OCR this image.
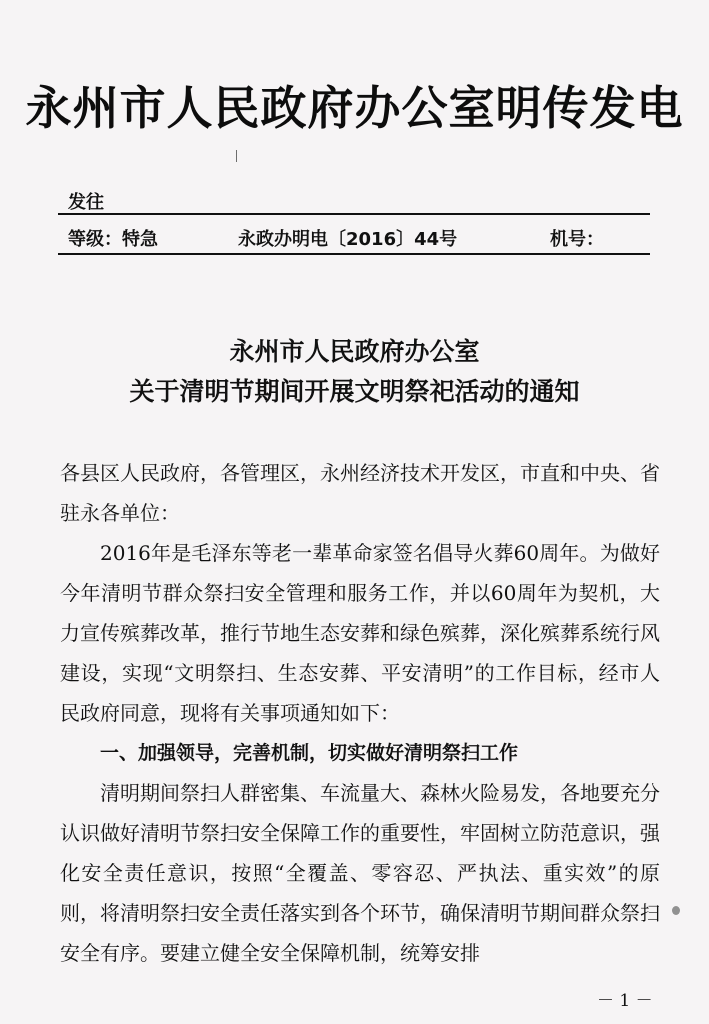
永州市人民政府办公室明传发电
发往
等级：特急	永政办明电〔2016〕44号	机号：
永州市人民政府办公室
关于清明节期间开展文明祭祀活动的通知

各县区人民政府，各管理区，永州经济技术开发区，市直和中央、省驻永各单位：

2016年是毛泽东等老一辈革命家签名倡导火葬60周年。为做好今年清明节群众祭扫安全管理和服务工作，并以60周年为契机，大力宣传殡葬改革，推行节地生态安葬和绿色殡葬，深化殡葬系统行风建设，实现“文明祭扫、生态安葬、平安清明”的工作目标，经市人民政府同意，现将有关事项通知如下：

一、加强领导，完善机制，切实做好清明祭扫工作

清明期间祭扫人群密集、车流量大、森林火险易发，各地要充分认识做好清明节祭扫安全保障工作的重要性，牢固树立防范意识，强化安全责任意识，按照“全覆盖、零容忍、严执法、重实效”的原则，将清明祭扫安全责任落实到各个环节，确保清明节期间群众祭扫安全有序。要建立健全安全保障机制，统筹安排

－ 1 －
